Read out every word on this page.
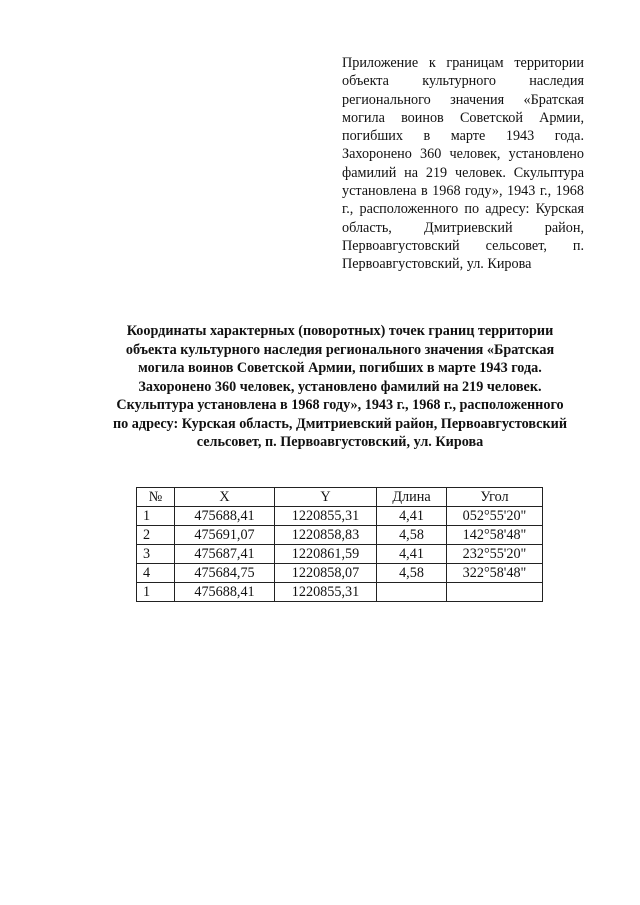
Приложение к границам территории объекта культурного наследия регионального значения «Братская могила воинов Советской Армии, погибших в марте 1943 года. Захоронено 360 человек, установлено фамилий на 219 человек. Скульптура установлена в 1968 году», 1943 г., 1968 г., расположенного по адресу: Курская область, Дмитриевский район, Первоавгустовский сельсовет, п. Первоавгустовский, ул. Кирова
Координаты характерных (поворотных) точек границ территории объекта культурного наследия регионального значения «Братская могила воинов Советской Армии, погибших в марте 1943 года. Захоронено 360 человек, установлено фамилий на 219 человек. Скульптура установлена в 1968 году», 1943 г., 1968 г., расположенного по адресу: Курская область, Дмитриевский район, Первоавгустовский сельсовет, п. Первоавгустовский, ул. Кирова
№	X	Y	Длина	Угол
1	475688,41	1220855,31	4,41	052°55'20"
2	475691,07	1220858,83	4,58	142°58'48"
3	475687,41	1220861,59	4,41	232°55'20"
4	475684,75	1220858,07	4,58	322°58'48"
1	475688,41	1220855,31		
